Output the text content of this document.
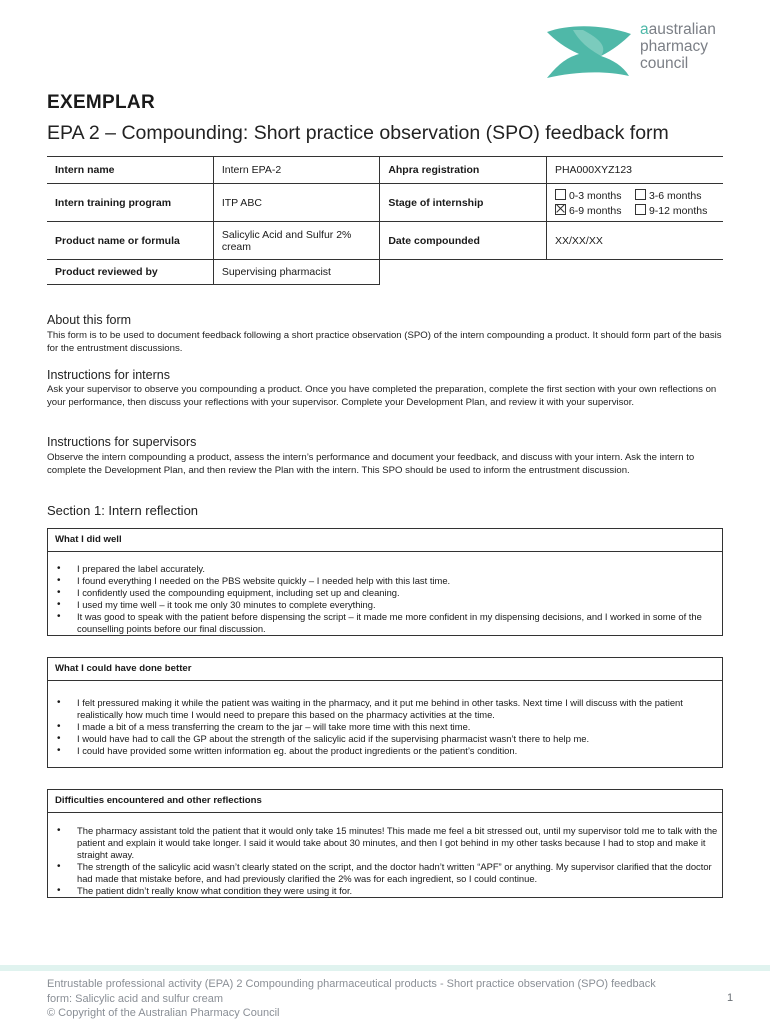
aaustralian
pharmacy
council
EXEMPLAR
EPA 2 – Compounding: Short practice observation (SPO) feedback form
Intern name	Intern EPA-2	Ahpra registration	PHA000XYZ123
Intern training program	ITP ABC	Stage of internship	0-3 months 3-6 months
6-9 months 9-12 months

Product name or formula	Salicylic Acid and Sulfur 2% cream	Date compounded	XX/XX/XX
Product reviewed by	Supervising pharmacist		
About this form

This form is to be used to document feedback following a short practice observation (SPO) of the intern compounding a product. It should form part of the basis for the entrustment discussions.

Instructions for interns

Ask your supervisor to observe you compounding a product. Once you have completed the preparation, complete the first section with your own reflections on your performance, then discuss your reflections with your supervisor. Complete your Development Plan, and review it with your supervisor.

Instructions for supervisors

Observe the intern compounding a product, assess the intern’s performance and document your feedback, and discuss with your intern. Ask the intern to complete the Development Plan, and then review the Plan with the intern. This SPO should be used to inform the entrustment discussion.

Section 1: Intern reflection
What I did well
• I prepared the label accurately.
• I found everything I needed on the PBS website quickly – I needed help with this last time.
• I confidently used the compounding equipment, including set up and cleaning.
• I used my time well – it took me only 30 minutes to complete everything.
• It was good to speak with the patient before dispensing the script – it made me more confident in my dispensing decisions, and I worked in some of the counselling points before our final discussion.
What I could have done better
• I felt pressured making it while the patient was waiting in the pharmacy, and it put me behind in other tasks. Next time I will discuss with the patient realistically how much time I would need to prepare this based on the pharmacy activities at the time.
• I made a bit of a mess transferring the cream to the jar – will take more time with this next time.
• I would have had to call the GP about the strength of the salicylic acid if the supervising pharmacist wasn’t there to help me.
• I could have provided some written information eg. about the product ingredients or the patient’s condition.
Difficulties encountered and other reflections
• The pharmacy assistant told the patient that it would only take 15 minutes! This made me feel a bit stressed out, until my supervisor told me to talk with the patient and explain it would take longer. I said it would take about 30 minutes, and then I got behind in my other tasks because I had to stop and make it straight away.
• The strength of the salicylic acid wasn’t clearly stated on the script, and the doctor hadn’t written “APF” or anything. My supervisor clarified that the doctor had made that mistake before, and had previously clarified the 2% was for each ingredient, so I could continue.
• The patient didn’t really know what condition they were using it for.
Entrustable professional activity (EPA) 2 Compounding pharmaceutical products - Short practice observation (SPO) feedback
form: Salicylic acid and sulfur cream
© Copyright of the Australian Pharmacy Council
1
